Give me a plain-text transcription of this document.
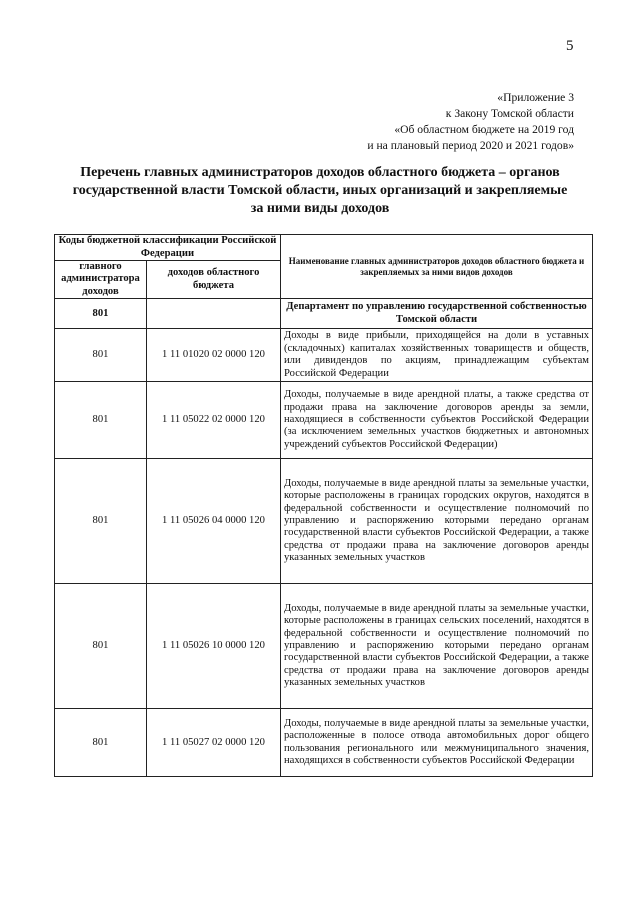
5
«Приложение 3
к Закону Томской области
«Об областном бюджете на 2019 год
и на плановый период 2020 и 2021 годов»
Перечень главных администраторов доходов областного бюджета – органов государственной власти Томской области, иных организаций и закрепляемые за ними виды доходов
Коды бюджетной классификации Российской Федерации		Наименование главных администраторов доходов областного бюджета и закрепляемых за ними видов доходов
главного администратора доходов	доходов областного бюджета	
801		Департамент по управлению государственной собственностью Томской области
801	1 11 01020 02 0000 120	Доходы в виде прибыли, приходящейся на доли в уставных (складочных) капиталах хозяйственных товариществ и обществ, или дивидендов по акциям, принадлежащим субъектам Российской Федерации
801	1 11 05022 02 0000 120	Доходы, получаемые в виде арендной платы, а также средства от продажи права на заключение договоров аренды за земли, находящиеся в собственности субъектов Российской Федерации (за исключением земельных участков бюджетных и автономных учреждений субъектов Российской Федерации)
801	1 11 05026 04 0000 120	Доходы, получаемые в виде арендной платы за земельные участки, которые расположены в границах городских округов, находятся в федеральной собственности и осуществление полномочий по управлению и распоряжению которыми передано органам государственной власти субъектов Российской Федерации, а также средства от продажи права на заключение договоров аренды указанных земельных участков
801	1 11 05026 10 0000 120	Доходы, получаемые в виде арендной платы за земельные участки, которые расположены в границах сельских поселений, находятся в федеральной собственности и осуществление полномочий по управлению и распоряжению которыми передано органам государственной власти субъектов Российской Федерации, а также средства от продажи права на заключение договоров аренды указанных земельных участков
801	1 11 05027 02 0000 120	Доходы, получаемые в виде арендной платы за земельные участки, расположенные в полосе отвода автомобильных дорог общего пользования регионального или межмуниципального значения, находящихся в собственности субъектов Российской Федерации
